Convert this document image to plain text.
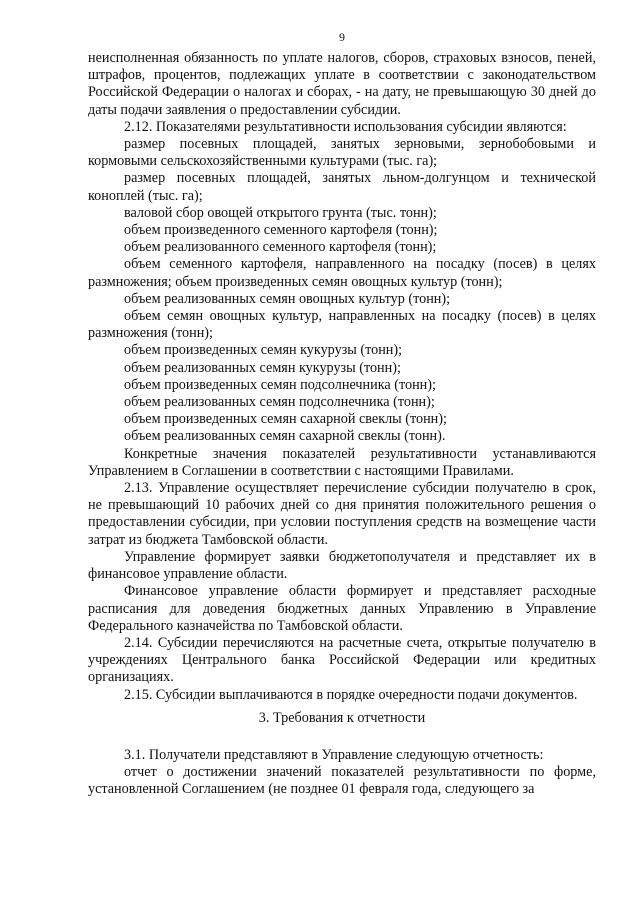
9

неисполненная обязанность по уплате налогов, сборов, страховых взносов, пеней, штрафов, процентов, подлежащих уплате в соответствии с законодательством Российской Федерации о налогах и сборах, - на дату, не превышающую 30 дней до даты подачи заявления о предоставлении субсидии.

2.12. Показателями результативности использования субсидии являются:

размер посевных площадей, занятых зерновыми, зернобобовыми и кормовыми сельскохозяйственными культурами (тыс. га);

размер посевных площадей, занятых льном-долгунцом и технической коноплей (тыс. га);

валовой сбор овощей открытого грунта (тыс. тонн);

объем произведенного семенного картофеля (тонн);

объем реализованного семенного картофеля (тонн);

объем семенного картофеля, направленного на посадку (посев) в целях размножения; объем произведенных семян овощных культур (тонн);

объем реализованных семян овощных культур (тонн);

объем семян овощных культур, направленных на посадку (посев) в целях размножения (тонн);

объем произведенных семян кукурузы (тонн);

объем реализованных семян кукурузы (тонн);

объем произведенных семян подсолнечника (тонн);

объем реализованных семян подсолнечника (тонн);

объем произведенных семян сахарной свеклы (тонн);

объем реализованных семян сахарной свеклы (тонн).

Конкретные значения показателей результативности устанавливаются Управлением в Соглашении в соответствии с настоящими Правилами.

2.13. Управление осуществляет перечисление субсидии получателю в срок, не превышающий 10 рабочих дней со дня принятия положительного решения о предоставлении субсидии, при условии поступления средств на возмещение части затрат из бюджета Тамбовской области.

Управление формирует заявки бюджетополучателя и представляет их в финансовое управление области.

Финансовое управление области формирует и представляет расходные расписания для доведения бюджетных данных Управлению в Управление Федерального казначейства по Тамбовской области.

2.14. Субсидии перечисляются на расчетные счета, открытые получателю в учреждениях Центрального банка Российской Федерации или кредитных организациях.

2.15. Субсидии выплачиваются в порядке очередности подачи документов.

3. Требования к отчетности

3.1. Получатели представляют в Управление следующую отчетность:

отчет о достижении значений показателей результативности по форме, установленной Соглашением (не позднее 01 февраля года, следующего за
